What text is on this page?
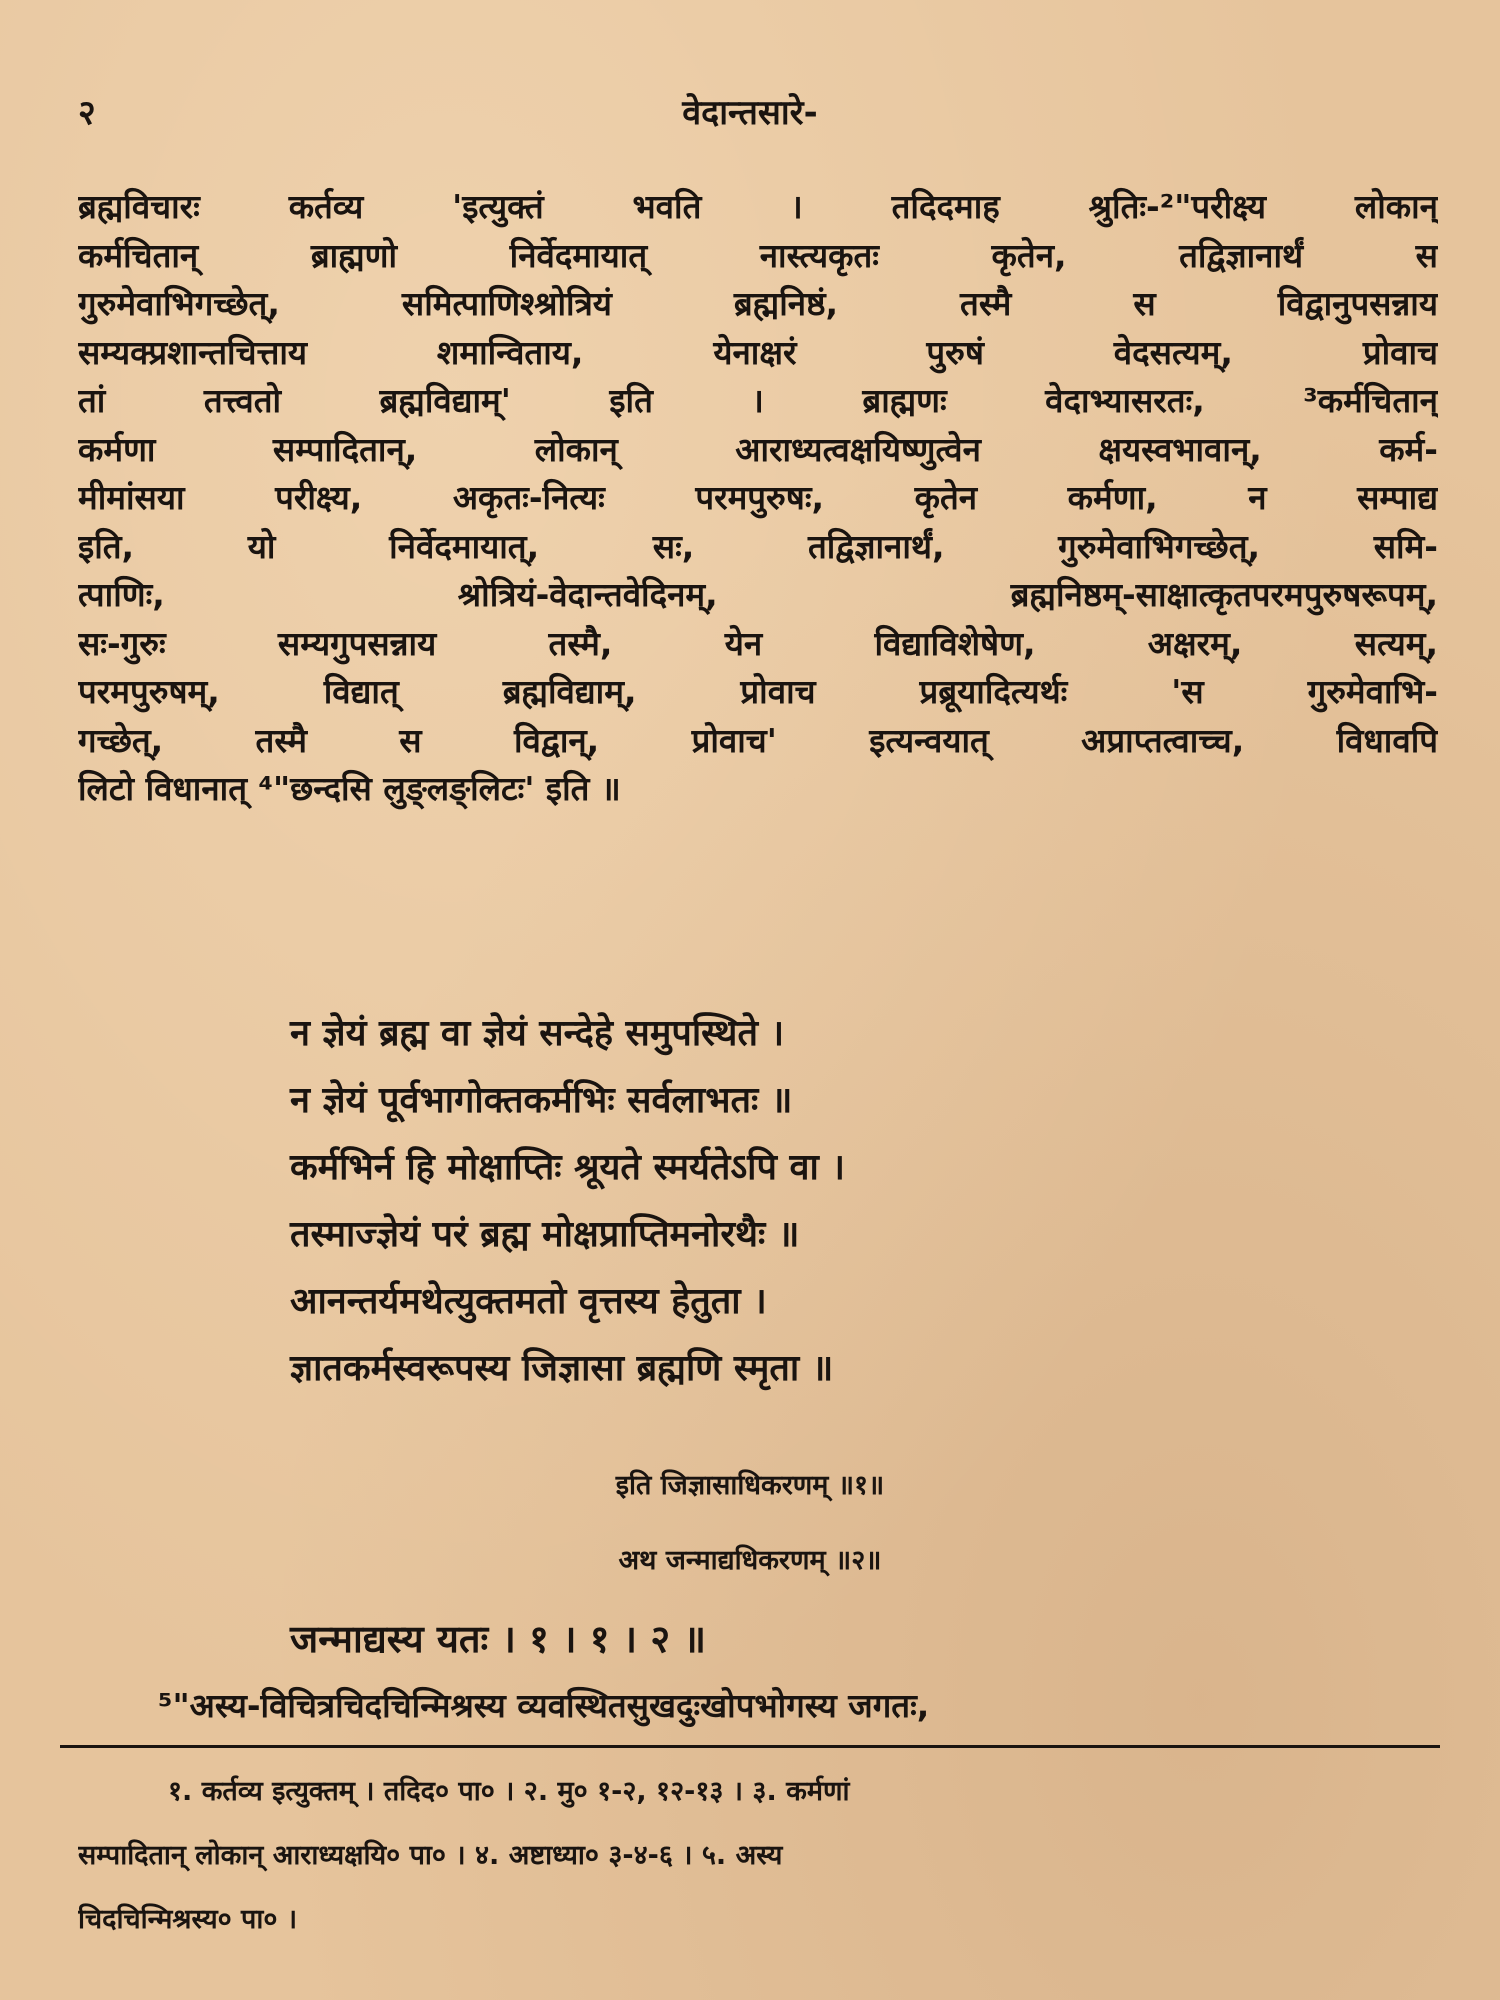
२	वेदान्तसारे-
ब्रह्मविचारः कर्तव्य 'इत्युक्तं भवति । तदिदमाह श्रुतिः-²"परीक्ष्य लोकान्
कर्मचितान् ब्राह्मणो निर्वेदमायात् नास्त्यकृतः कृतेन, तद्विज्ञानार्थं स
गुरुमेवाभिगच्छेत्, समित्पाणिश्श्रोत्रियं ब्रह्मनिष्ठं, तस्मै स विद्वानुपसन्नाय
सम्यक्प्रशान्तचित्ताय शमान्विताय, येनाक्षरं पुरुषं वेदसत्यम्, प्रोवाच
तां तत्त्वतो ब्रह्मविद्याम्' इति । ब्राह्मणः वेदाभ्यासरतः, ³कर्मचितान्
कर्मणा सम्पादितान्, लोकान् आराध्यत्वक्षयिष्णुत्वेन क्षयस्वभावान्, कर्म-
मीमांसया परीक्ष्य, अकृतः-नित्यः परमपुरुषः, कृतेन कर्मणा, न सम्पाद्य
इति, यो निर्वेदमायात्, सः, तद्विज्ञानार्थं, गुरुमेवाभिगच्छेत्, समि-
त्पाणिः, श्रोत्रियं-वेदान्तवेदिनम्, ब्रह्मनिष्ठम्-साक्षात्कृतपरमपुरुषरूपम्,
सः-गुरुः सम्यगुपसन्नाय तस्मै, येन विद्याविशेषेण, अक्षरम्, सत्यम्,
परमपुरुषम्, विद्यात् ब्रह्मविद्याम्, प्रोवाच प्रब्रूयादित्यर्थः 'स गुरुमेवाभि-
गच्छेत्, तस्मै स विद्वान्, प्रोवाच' इत्यन्वयात् अप्राप्तत्वाच्च, विधावपि
लिटो विधानात् ⁴"छन्दसि लुङ्लङ्लिटः' इति ॥
न ज्ञेयं ब्रह्म वा ज्ञेयं सन्देहे समुपस्थिते ।
न ज्ञेयं पूर्वभागोक्तकर्मभिः सर्वलाभतः ॥
कर्मभिर्न हि मोक्षाप्तिः श्रूयते स्मर्यतेऽपि वा ।
तस्माज्ज्ञेयं परं ब्रह्म मोक्षप्राप्तिमनोरथैः ॥
आनन्तर्यमथेत्युक्तमतो वृत्तस्य हेतुता ।
ज्ञातकर्मस्वरूपस्य जिज्ञासा ब्रह्मणि स्मृता ॥
इति जिज्ञासाधिकरणम् ॥१॥
अथ जन्माद्यधिकरणम् ॥२॥
जन्माद्यस्य यतः । १ । १ । २ ॥
⁵"अस्य-विचित्रचिदचिन्मिश्रस्य व्यवस्थितसुखदुःखोपभोगस्य जगतः,
१. कर्तव्य इत्युक्तम् । तदिद० पा० । २. मु० १-२, १२-१३ । ३. कर्मणां
सम्पादितान् लोकान् आराध्यक्षयि० पा० । ४. अष्टाध्या० ३-४-६ । ५. अस्य
चिदचिन्मिश्रस्य० पा० ।
